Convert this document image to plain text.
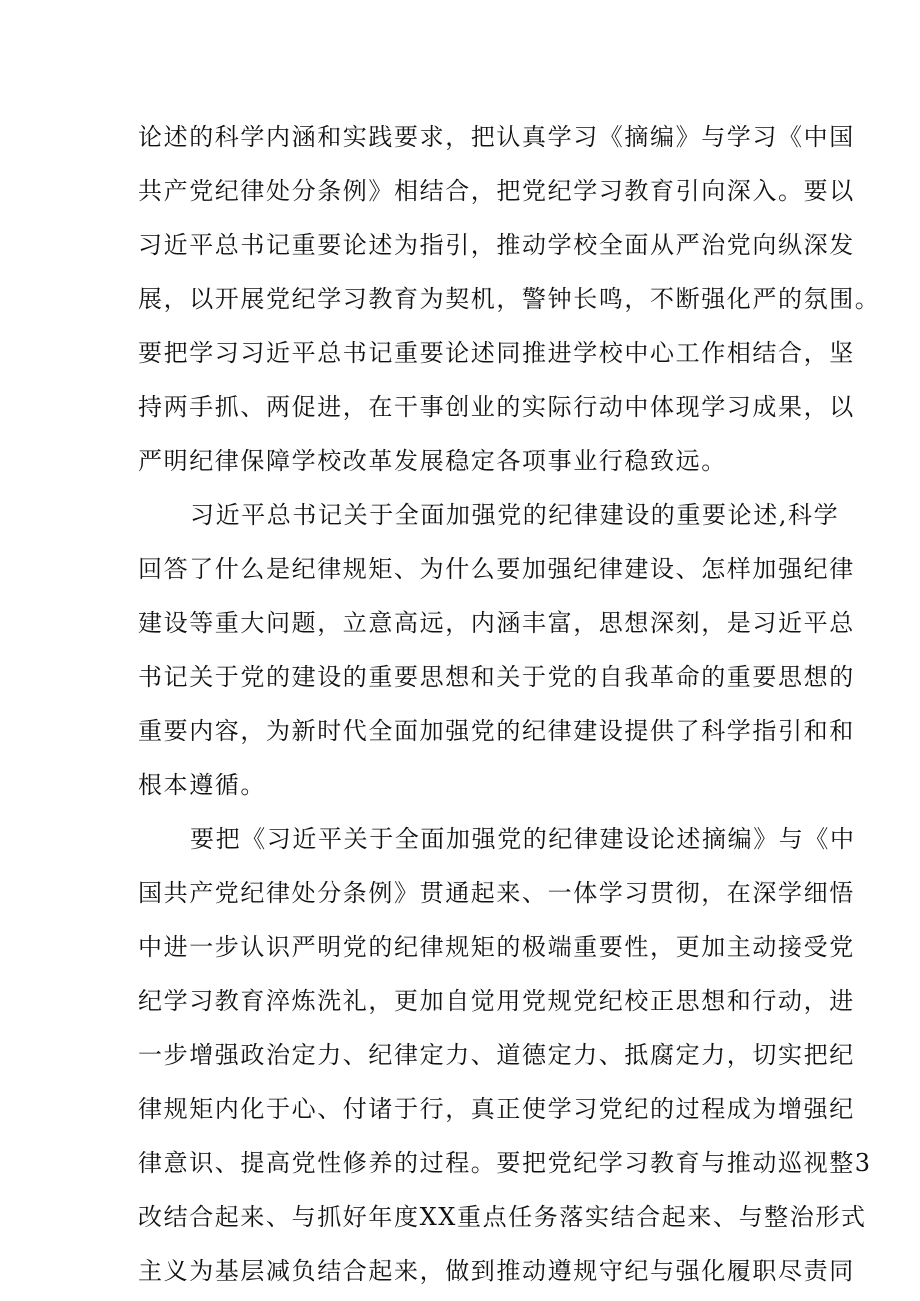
论述的科学内涵和实践要求，把认真学习《摘编》与学习《中国
共产党纪律处分条例》相结合，把党纪学习教育引向深入。要以
习近平总书记重要论述为指引，推动学校全面从严治党向纵深发
展，以开展党纪学习教育为契机，警钟长鸣，不断强化严的氛围。
要把学习习近平总书记重要论述同推进学校中心工作相结合，坚
持两手抓、两促进，在干事创业的实际行动中体现学习成果，以
严明纪律保障学校改革发展稳定各项事业行稳致远。
习近平总书记关于全面加强党的纪律建设的重要论述,科学
回答了什么是纪律规矩、为什么要加强纪律建设、怎样加强纪律
建设等重大问题，立意高远，内涵丰富，思想深刻，是习近平总
书记关于党的建设的重要思想和关于党的自我革命的重要思想的
重要内容，为新时代全面加强党的纪律建设提供了科学指引和和
根本遵循。
要把《习近平关于全面加强党的纪律建设论述摘编》与《中
国共产党纪律处分条例》贯通起来、一体学习贯彻，在深学细悟
中进一步认识严明党的纪律规矩的极端重要性，更加主动接受党
纪学习教育淬炼洗礼，更加自觉用党规党纪校正思想和行动，进
一步增强政治定力、纪律定力、道德定力、抵腐定力，切实把纪
律规矩内化于心、付诸于行，真正使学习党纪的过程成为增强纪
律意识、提高党性修养的过程。要把党纪学习教育与推动巡视整3
改结合起来、与抓好年度XX重点任务落实结合起来、与整治形式
主义为基层减负结合起来，做到推动遵规守纪与强化履职尽责同
